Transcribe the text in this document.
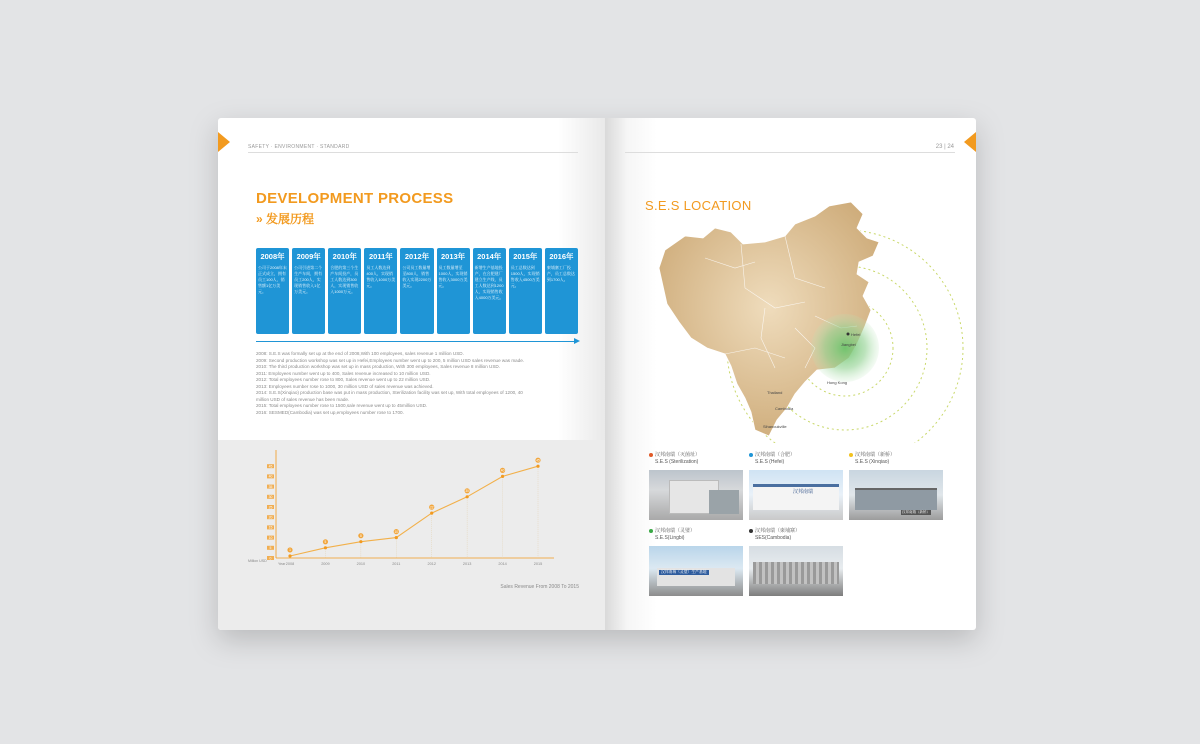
SAFETY · ENVIRONMENT · STANDARD
DEVELOPMENT PROCESS
» 发展历程
2008年
公司于2008年末正式成立，拥有员工100人，销售额1亿万美元。
2009年
公司引进第二个生产车间，拥有员工200人，实现销售收入1亿万美元。
2010年
合肥的第三个生产车间投产，员工人数达到300人，实现销售收入1000万元。
2011年
员工人数达到400人，实现销售收入1000万美元。
2012年
公司员工数量增至800人，销售收入实现2200万美元。
2013年
员工数量增至1000人，实现销售收入3000万美元。
2014年
新增生产基地投产，在合肥建厂建立生产线，员工人数达到1200人，实现销售收入4000万美元。
2015年
员工总数达到1500人，实现销售收入4500万美元。
2016年
柬埔寨工厂投产，员工总数达到1700人。
2008: S.E.S was formally set up at the end of 2008,With 100 employees, sales revenue 1 million USD.
2009: Second production workshop was set up in Hefei,Employees number went up to 200, 5 million USD sales revenue was made.
2010: The third production workshop was set up in mass production, With 300 employees, Sales revenue 8 million USD.
2011: Employees number went up to 400, Sales revenue increased to 10 million USD.
2012: Total employees number rose to 800, Sales revenue went up to 22 million USD.
2013: Employees number rose to 1000, 30 million USD of sales revenue was achieved.
2014: S.E.S(Xinqiao) production base was put in mass production, Sterilization facility was set up, With total employees of 1200, 40
million USD of sales revenue has been made.
2015: Total employees number rose to 1500,sale revenue went up to 45million USD.
2016: SESMED(Cambodia) was set up,employees number rose to 1700.
45
40
35
30
25
20
15
10
5
0
Million USD
Year
1
2008
5
2009
8
2010
10
2011
22
2012
30
2013
40
2014
45
2015
Sales Revenue From 2008 To 2015
23 | 24
S.E.S LOCATION
Hefei
Jiangbei
Hong Kong
Thailand
Cambodia
Sihanoukville
汉邦南瑞（灭菌址）
S.E.S (Sterilization)
汉邦南瑞（合肥）
S.E.S (Hefei)
汉邦南瑞（新桥）
S.E.S (Xinqiao)
汉邦南瑞
汉邦南瑞（新桥）
汉邦南瑞（灵璧）
S.E.S(Lingbi)
汉邦南瑞（柬埔寨）
SES(Cambodia)
汉邦南瑞（灵璧）生产基地
